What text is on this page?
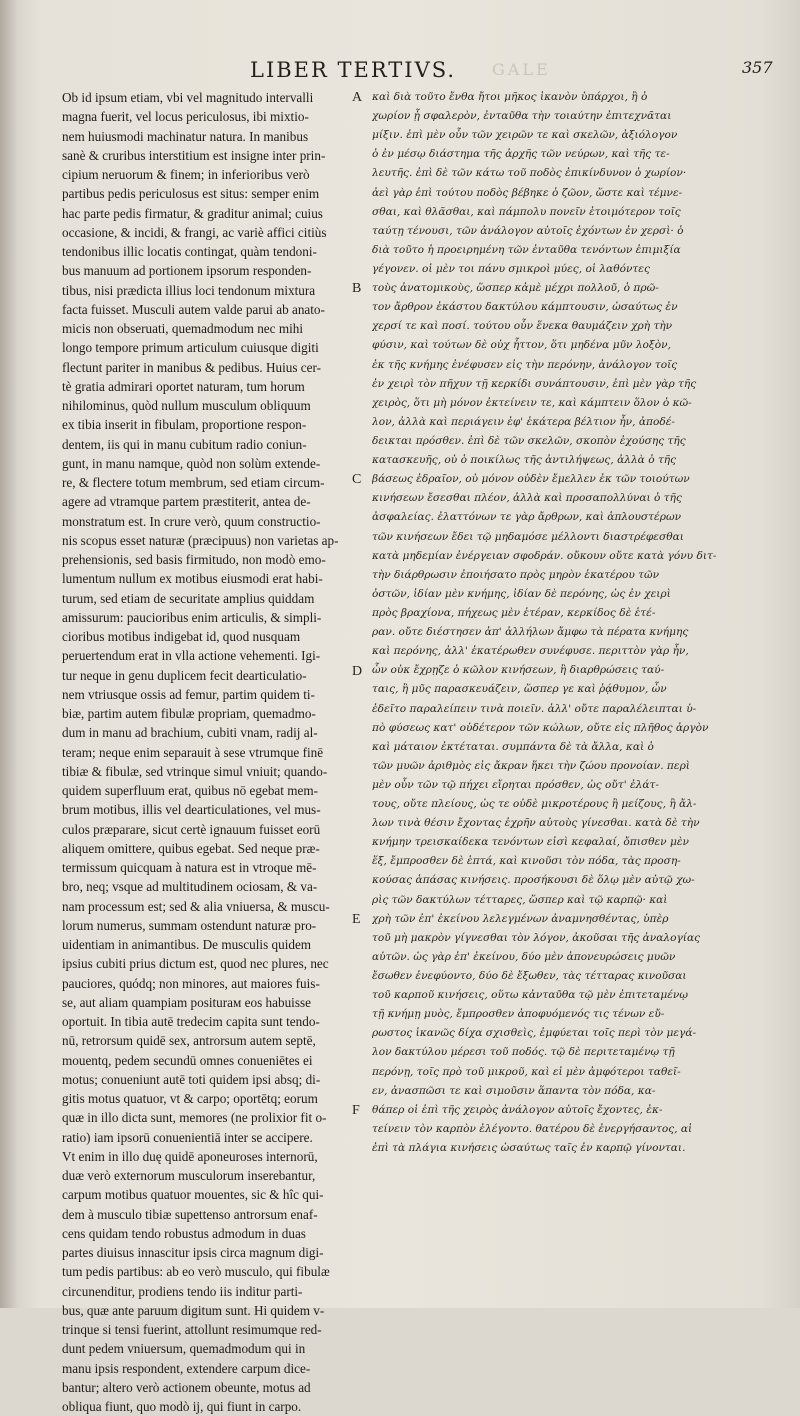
LIBER TERTIVS. GALE	357
Ob id ipsum etiam, vbi vel magnitudo intervalli
magna fuerit, vel locus periculosus, ibi mixtio-
nem huiusmodi machinatur natura. In manibus
sanè & cruribus interstitium est insigne inter prin-
cipium neruorum & finem; in inferioribus verò
partibus pedis periculosus est situs: semper enim
hac parte pedis firmatur, & graditur animal; cuius
occasione, & incidi, & frangi, ac variè affici citiùs
tendonibus illic locatis contingat, quàm tendoni-
bus manuum ad portionem ipsorum responden-
tibus, nisi prædicta illius loci tendonum mixtura
facta fuisset. Musculi autem valde parui ab anato-
micis non obseruati, quemadmodum nec mihi
longo tempore primum articulum cuiusque digiti
flectunt pariter in manibus & pedibus. Huius cer-
tè gratia admirari oportet naturam, tum horum
nihilominus, quòd nullum musculum obliquum
ex tibia inserit in fibulam, proportione respon-
dentem, iis qui in manu cubitum radio coniun-
gunt, in manu namque, quòd non solùm extende-
re, & flectere totum membrum, sed etiam circum-
agere ad vtramque partem præstiterit, antea de-
monstratum est. In crure verò, quum constructio-
nis scopus esset naturæ (præcipuus) non varietas ap-
prehensionis, sed basis firmitudo, non modò emo-
lumentum nullum ex motibus eiusmodi erat habi-
turum, sed etiam de securitate amplius quiddam
amissurum: paucioribus enim articulis, & simpli-
cioribus motibus indigebat id, quod nusquam
peruertendum erat in vlla actione vehementi. Igi-
tur neque in genu duplicem fecit dearticulatio-
nem vtriusque ossis ad femur, partim quidem ti-
biæ, partim autem fibulæ propriam, quemadmo-
dum in manu ad brachium, cubiti vnam, radij al-
teram; neque enim separauit à sese vtrumque finē
tibiæ & fibulæ, sed vtrinque simul vniuit; quando-
quidem superfluum erat, quibus nō egebat mem-
brum motibus, illis vel dearticulationes, vel mus-
culos præparare, sicut certè ignauum fuisset eorū
aliquem omittere, quibus egebat. Sed neque præ-
termissum quicquam à natura est in vtroque mē-
bro, neq; vsque ad multitudinem ociosam, & va-
nam processum est; sed & alia vniuersa, & muscu-
lorum numerus, summam ostendunt naturæ pro-
uidentiam in animantibus. De musculis quidem
ipsius cubiti prius dictum est, quod nec plures, nec
pauciores, quódq; non minores, aut maiores fuis-
se, aut aliam quampiam positurам eos habuisse
oportuit. In tibia autē tredecim capita sunt tendo-
nū, retrorsum quidē sex, antrorsum autem septē,
mouentq, pedem secundū omnes conueniētes ei
motus; conueniunt autē toti quidem ipsi absq; di-
gitis motus quatuor, vt & carpo; oportētq; eorum
quæ in illo dicta sunt, memores (ne prolixior fit o-
ratio) iam ipsorū conuenientiā inter se accipere.
Vt enim in illo duę quidē aponeuroses internorū,
duæ verò externorum musculorum inserebantur,
carpum motibus quatuor mouentes, sic & hîc qui-
dem à musculo tibiæ supettensо antrorsum enaf-
cens quidam tendo robustus admodum in duas
partes diuisus innascitur ipsis circa magnum digi-
tum pedis partibus: ab eo verò musculo, qui fibulæ
circunenditur, prodiens tendo iis inditur parti-
bus, quæ ante paruum digitum sunt. Hi quidem v-
trinque si tensi fuerint, attollunt resimumque red-
dunt pedem vniuersum, quemadmodum qui in
manu ipsis respondent, extendere carpum dice-
bantur; altero verò actionem obeunte, motus ad
obliqua fiunt, quo modò ij, qui fiunt in carpo.
A
B
C
D
E
F
καὶ διὰ τοῦτο ἔνθα ἤτοι μῆκος ἱκανὸν ὑπάρχοι, ἢ ὁ
χωρίον ᾖ σφαλερὸν, ἐνταῦθα τὴν τοιαύτην ἐπιτεχνᾶται
μίξιν. ἐπὶ μὲν οὖν τῶν χειρῶν τε καὶ σκελῶν, ἀξιόλογον
ὁ ἐν μέσῳ διάστημα τῆς ἀρχῆς τῶν νεύρων, καὶ τῆς τε-
λευτῆς. ἐπὶ δὲ τῶν κάτω τοῦ ποδὸς ἐπικίνδυνον ὁ χωρίον·
ἀεὶ γὰρ ἐπὶ τούτου ποδὸς βέβηκε ὁ ζῶον, ὥστε καὶ τέμνε-
σθαι, καὶ θλᾶσθαι, καὶ πάμπολυ πονεῖν ἑτοιμότερον τοῖς
ταύτῃ τένουσι, τῶν ἀνάλογον αὐτοῖς ἐχόντων ἐν χερσὶ· ὁ
διὰ τοῦτο ἡ προειρημένη τῶν ἐνταῦθα τενόντων ἐπιμιξία
γέγονεν. οἱ μὲν τοι πάνυ σμικροὶ μύες, οἱ λαθόντες
τοὺς ἀνατομικοὺς, ὥσπερ κἀμὲ μέχρι πολλοῦ, ὁ πρῶ-
τον ἄρθρον ἑκάστου δακτύλου κάμπτουσιν, ὡσαύτως ἐν
χερσί τε καὶ ποσί. τούτου οὖν ἕνεκα θαυμάζειν χρὴ τὴν
φύσιν, καὶ τούτων δὲ οὐχ ἧττον, ὅτι μηδένα μῦν λοξὸν,
ἐκ τῆς κνήμης ἐνέφυσεν εἰς τὴν περόνην, ἀνάλογον τοῖς
ἐν χειρὶ τὸν πῆχυν τῇ κερκίδι συνάπτουσιν, ἐπὶ μὲν γὰρ τῆς
χειρὸς, ὅτι μὴ μόνον ἐκτείνειν τε, καὶ κάμπτειν ὅλον ὁ κῶ-
λον, ἀλλὰ καὶ περιάγειν ἐφ' ἑκάτερα βέλτιον ἦν, ἀποδέ-
δεικται πρόσθεν. ἐπὶ δὲ τῶν σκελῶν, σκοπὸν ἐχούσης τῆς
κατασκευῆς, οὐ ὁ ποικίλως τῆς ἀντιλήψεως, ἀλλὰ ὁ τῆς
βάσεως ἑδραῖον, οὐ μόνον οὐδὲν ἔμελλεν ἐκ τῶν τοιούτων
κινήσεων ἔσεσθαι πλέον, ἀλλὰ καὶ προσαπολλύναι ὁ τῆς
ἀσφαλείας. ἐλαττόνων τε γὰρ ἄρθρων, καὶ ἁπλουστέρων
τῶν κινήσεων ἔδει τῷ μηδαμόσε μέλλοντι διαστρέφεσθαι
κατὰ μηδεμίαν ἐνέργειαν σφοδράν. οὔκουν οὔτε κατὰ γόνυ διτ-
τὴν διάρθρωσιν ἐποιήσατο πρὸς μηρὸν ἑκατέρου τῶν
ὀστῶν, ἰδίαν μὲν κνήμης, ἰδίαν δὲ περόνης, ὡς ἐν χειρὶ
πρὸς βραχίονα, πήχεως μὲν ἑτέραν, κερκίδος δὲ ἑτέ-
ραν. οὔτε διέστησεν ἀπ' ἀλλήλων ἄμφω τὰ πέρατα κνήμης
καὶ περόνης, ἀλλ' ἑκατέρωθεν συνέφυσε. περιττὸν γὰρ ἦν,
ὧν οὐκ ἔχρῃζε ὁ κῶλον κινήσεων, ἢ διαρθρώσεις ταύ-
ταις, ἢ μῦς παρασκευάζειν, ὥσπερ γε καὶ ῥᾴθυμον, ὧν
ἐδεῖτο παραλείπειν τινὰ ποιεῖν. ἀλλ' οὔτε παραλέλειπται ὑ-
πὸ φύσεως κατ' οὐδέτερον τῶν κώλων, οὔτε εἰς πλῆθος ἀργὸν
καὶ μάταιον ἐκτέταται. συμπάντα δὲ τὰ ἄλλα, καὶ ὁ
τῶν μυῶν ἀριθμὸς εἰς ἄκραν ἥκει τὴν ζώου προνοίαν. περὶ
μὲν οὖν τῶν τῷ πήχει εἴρηται πρόσθεν, ὡς οὔτ' ἐλάτ-
τους, οὔτε πλείους, ὡς τε οὐδὲ μικροτέρους ἢ μείζους, ἢ ἄλ-
λων τινὰ θέσιν ἔχοντας ἐχρῆν αὐτοὺς γίνεσθαι. κατὰ δὲ τὴν
κνήμην τρεισκαίδεκα τενόντων εἰσὶ κεφαλαί, ὄπισθεν μὲν
ἕξ, ἔμπροσθεν δὲ ἑπτά, καὶ κινοῦσι τὸν πόδα, τὰς προση-
κούσας ἁπάσας κινήσεις. προσήκουσι δὲ ὅλῳ μὲν αὐτῷ χω-
ρὶς τῶν δακτύλων τέτταρες, ὥσπερ καὶ τῷ καρπῷ· καὶ
χρὴ τῶν ἐπ' ἐκείνου λελεγμένων ἀναμνησθέντας, ὑπὲρ
τοῦ μὴ μακρὸν γίγνεσθαι τὸν λόγον, ἀκοῦσαι τῆς ἀναλογίας
αὐτῶν. ὡς γὰρ ἐπ' ἐκείνου, δύο μὲν ἀπονευρώσεις μυῶν
ἔσωθεν ἐνεφύοντο, δύο δὲ ἔξωθεν, τὰς τέτταρας κινοῦσαι
τοῦ καρποῦ κινήσεις, οὕτω κἀνταῦθα τῷ μὲν ἐπιτεταμένῳ
τῇ κνήμῃ μυὸς, ἔμπροσθεν ἀποφυόμενός τις τένων εὔ-
ρωστος ἱκανῶς δίχα σχισθεὶς, ἐμφύεται τοῖς περὶ τὸν μεγά-
λον δακτύλου μέρεσι τοῦ ποδός. τῷ δὲ περιτεταμένῳ τῇ
περόνῃ, τοῖς πρὸ τοῦ μικροῦ, καὶ εἰ μὲν ἀμφότεροι ταθεῖ-
εν, ἀνασπῶσι τε καὶ σιμοῦσιν ἅπαντα τὸν πόδα, κα-
θάπερ οἱ ἐπὶ τῆς χειρὸς ἀνάλογον αὐτοῖς ἔχοντες, ἐκ-
τείνειν τὸν καρπὸν ἐλέγοντο. θατέρου δὲ ἐνεργήσαντος, αἱ
ἐπὶ τὰ πλάγια κινήσεις ὡσαύτως ταῖς ἐν καρπῷ γίνονται.
